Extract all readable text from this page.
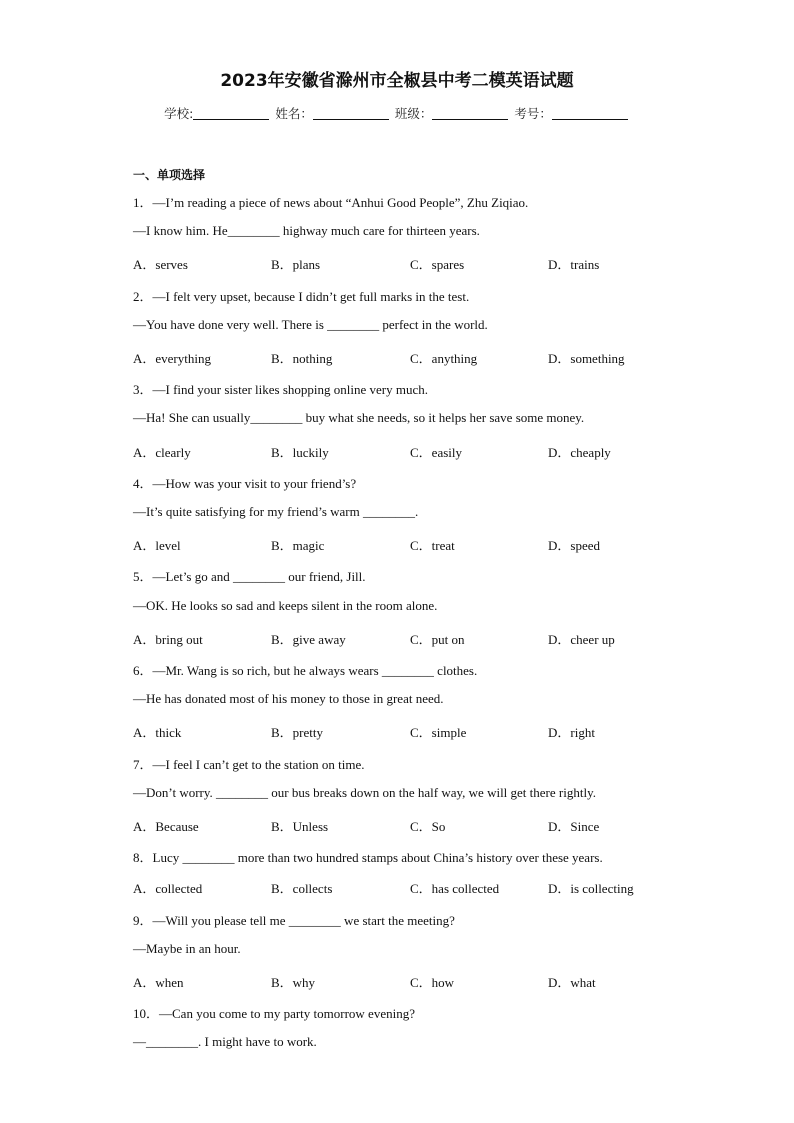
2023年安徽省滁州市全椒县中考二模英语试题
学校:	姓名：	班级：	考号：
一、单项选择
1．—I’m reading a piece of news about “Anhui Good People”, Zhu Ziqiao.
—I know him. He________ highway much care for thirteen years.
A．serves	B．plans	C．spares	D．trains
2．—I felt very upset, because I didn’t get full marks in the test.
—You have done very well. There is ________ perfect in the world.
A．everything	B．nothing	C．anything	D．something
3．—I find your sister likes shopping online very much.
—Ha! She can usually________ buy what she needs, so it helps her save some money.
A．clearly	B．luckily	C．easily	D．cheaply
4．—How was your visit to your friend’s?
—It’s quite satisfying for my friend’s warm ________.
A．level	B．magic	C．treat	D．speed
5．—Let’s go and ________ our friend, Jill.
—OK. He looks so sad and keeps silent in the room alone.
A．bring out	B．give away	C．put on	D．cheer up
6．—Mr. Wang is so rich, but he always wears ________ clothes.
—He has donated most of his money to those in great need.
A．thick	B．pretty	C．simple	D．right
7．—I feel I can’t get to the station on time.
—Don’t worry. ________ our bus breaks down on the half way, we will get there rightly.
A．Because	B．Unless	C．So	D．Since
8．Lucy ________ more than two hundred stamps about China’s history over these years.
A．collected	B．collects	C．has collected	D．is collecting
9．—Will you please tell me ________ we start the meeting?
—Maybe in an hour.
A．when	B．why	C．how	D．what
10．—Can you come to my party tomorrow evening?
—________. I might have to work.
